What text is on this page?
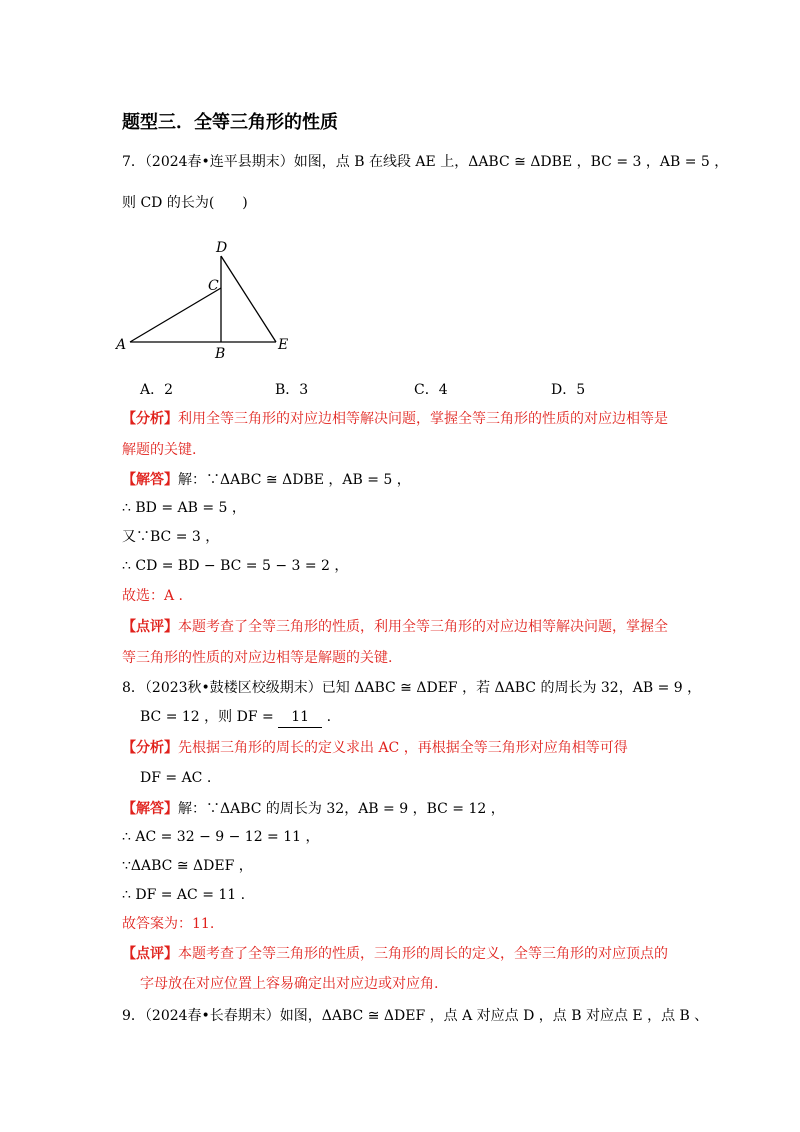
题型三．全等三角形的性质
7．（2024春•连平县期末）如图，点 B 在线段 AE 上，ΔABC ≅ ΔDBE ，BC = 3 ，AB = 5 ，
则 CD 的长为(　　)
A
B
C
D
E
A．2	B．3	C．4	D．5
【分析】利用全等三角形的对应边相等解决问题，掌握全等三角形的性质的对应边相等是
解题的关键.
【解答】解：∵ΔABC ≅ ΔDBE ，AB = 5 ，
∴ BD = AB = 5 ，
又∵BC = 3 ，
∴ CD = BD − BC = 5 − 3 = 2 ，
故选：A .
【点评】本题考查了全等三角形的性质，利用全等三角形的对应边相等解决问题，掌握全
等三角形的性质的对应边相等是解题的关键.
8．（2023秋•鼓楼区校级期末）已知 ΔABC ≅ ΔDEF ，若 ΔABC 的周长为 32，AB = 9 ，
BC = 12 ，则 DF = 11 .
【分析】先根据三角形的周长的定义求出 AC ，再根据全等三角形对应角相等可得
DF = AC .
【解答】解：∵ΔABC 的周长为 32，AB = 9 ，BC = 12 ，
∴ AC = 32 − 9 − 12 = 11 ，
∵ΔABC ≅ ΔDEF ，
∴ DF = AC = 11 .
故答案为：11.
【点评】本题考查了全等三角形的性质，三角形的周长的定义，全等三角形的对应顶点的
字母放在对应位置上容易确定出对应边或对应角.
9．（2024春•长春期末）如图，ΔABC ≅ ΔDEF ，点 A 对应点 D ，点 B 对应点 E ，点 B 、
